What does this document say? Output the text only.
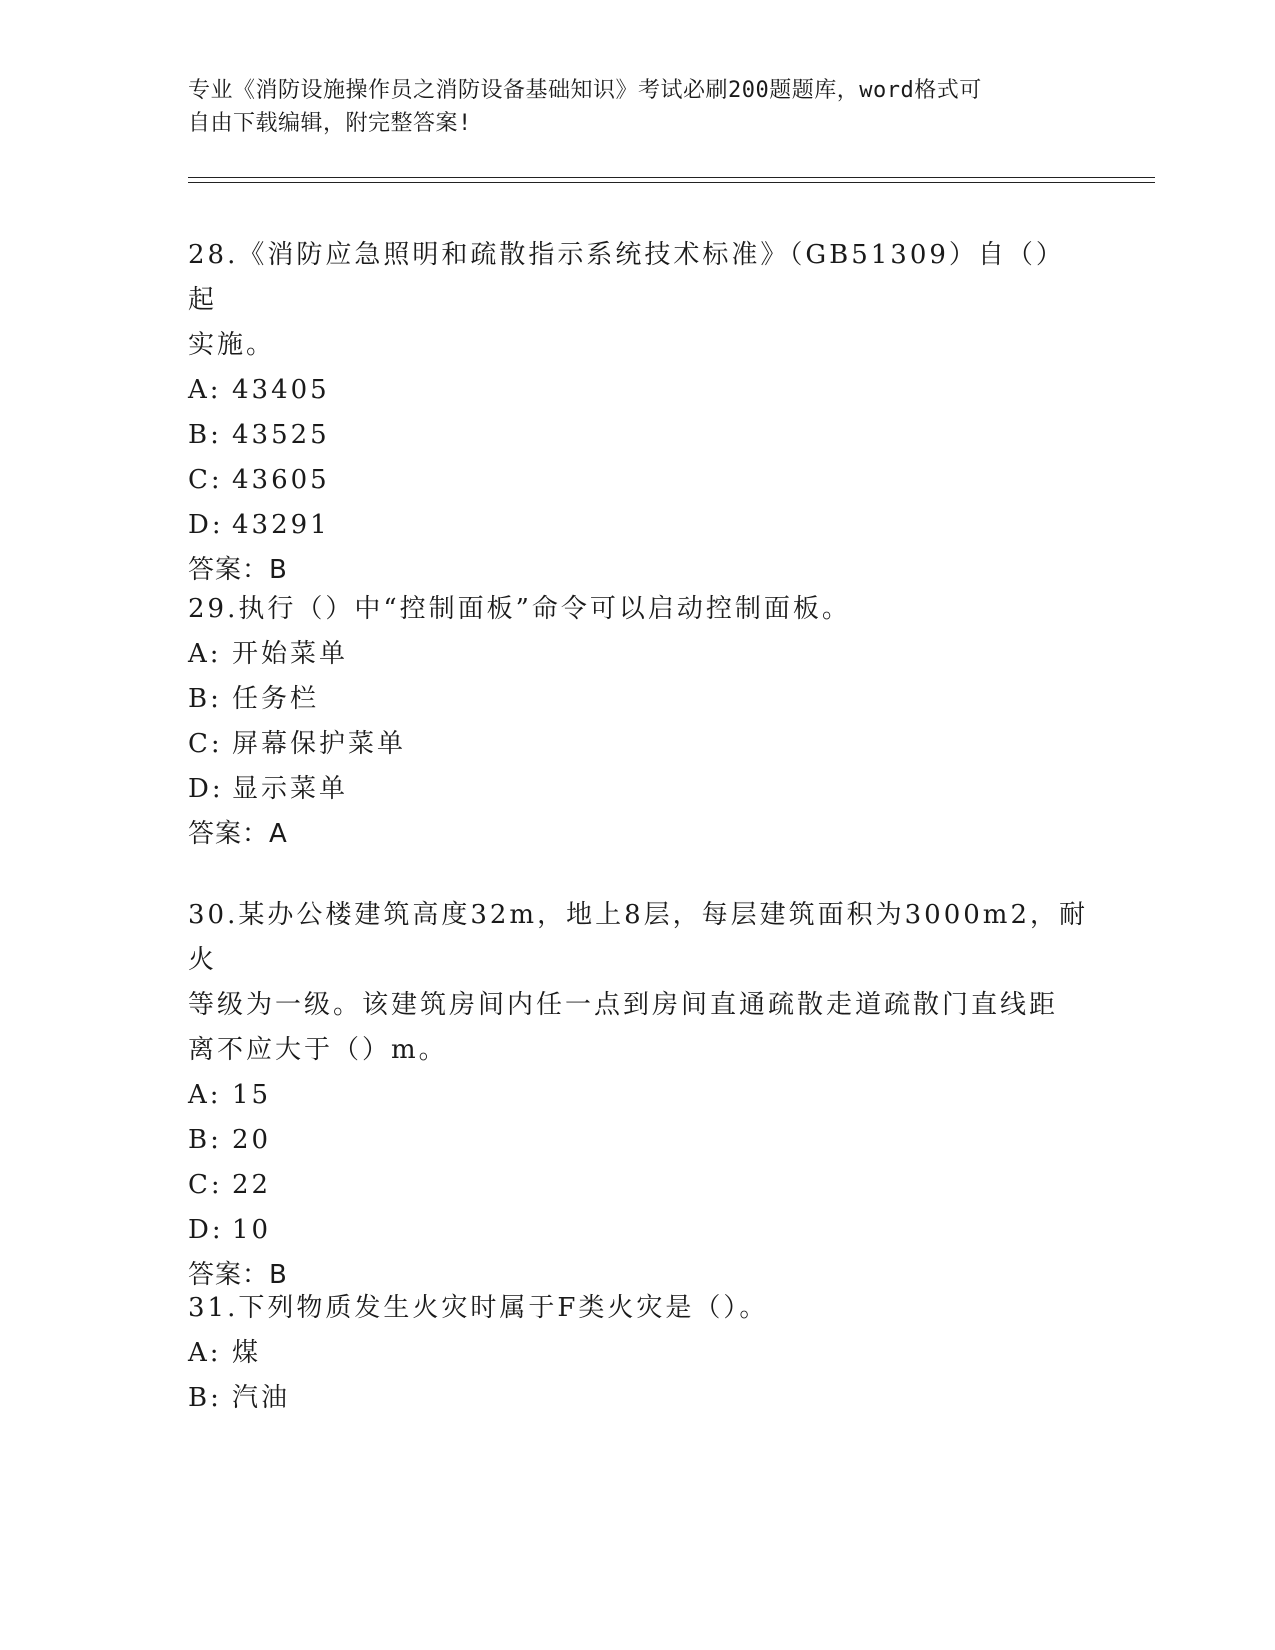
专业《消防设施操作员之消防设备基础知识》考试必刷200题题库，word格式可
自由下载编辑，附完整答案!
28.《消防应急照明和疏散指示系统技术标准》（GB51309）自（）起
实施。
A: 43405
B: 43525
C: 43605
D: 43291
答案：B
29.执行（）中“控制面板”命令可以启动控制面板。
A: 开始菜单
B: 任务栏
C: 屏幕保护菜单
D: 显示菜单
答案：A
30.某办公楼建筑高度32m，地上8层，每层建筑面积为3000m2，耐火
等级为一级。该建筑房间内任一点到房间直通疏散走道疏散门直线距
离不应大于（）m。
A: 15
B: 20
C: 22
D: 10
答案：B
31.下列物质发生火灾时属于F类火灾是（）。
A: 煤
B: 汽油
